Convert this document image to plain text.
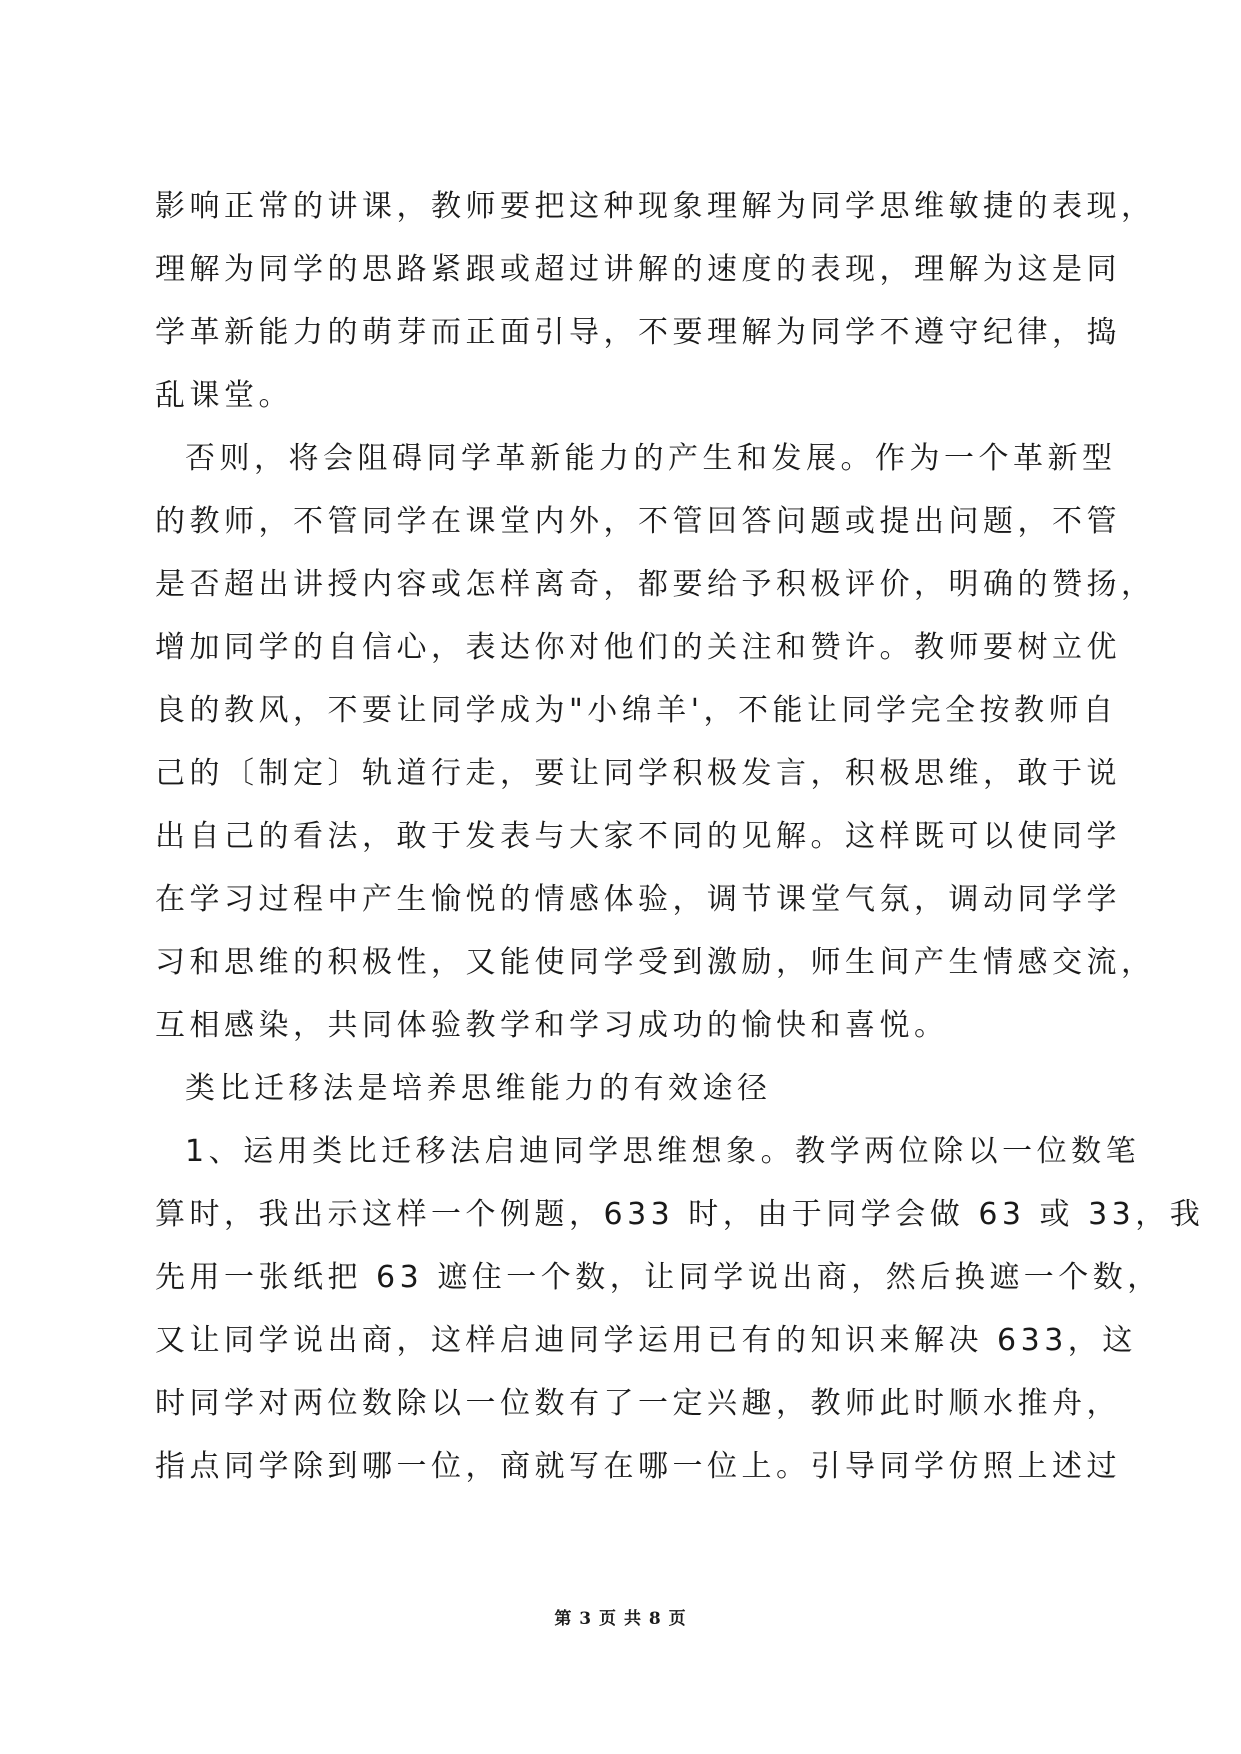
影响正常的讲课，教师要把这种现象理解为同学思维敏捷的表现，
理解为同学的思路紧跟或超过讲解的速度的表现，理解为这是同
学革新能力的萌芽而正面引导，不要理解为同学不遵守纪律，捣
乱课堂。
否则，将会阻碍同学革新能力的产生和发展。作为一个革新型
的教师，不管同学在课堂内外，不管回答问题或提出问题，不管
是否超出讲授内容或怎样离奇，都要给予积极评价，明确的赞扬，
增加同学的自信心，表达你对他们的关注和赞许。教师要树立优
良的教风，不要让同学成为"小绵羊'，不能让同学完全按教师自
己的〔制定〕轨道行走，要让同学积极发言，积极思维，敢于说
出自己的看法，敢于发表与大家不同的见解。这样既可以使同学
在学习过程中产生愉悦的情感体验，调节课堂气氛，调动同学学
习和思维的积极性，又能使同学受到激励，师生间产生情感交流，
互相感染，共同体验教学和学习成功的愉快和喜悦。
类比迁移法是培养思维能力的有效途径
1、运用类比迁移法启迪同学思维想象。教学两位除以一位数笔
算时，我出示这样一个例题，633 时，由于同学会做 63 或 33，我
先用一张纸把 63 遮住一个数，让同学说出商，然后换遮一个数，
又让同学说出商，这样启迪同学运用已有的知识来解决 633，这
时同学对两位数除以一位数有了一定兴趣，教师此时顺水推舟，
指点同学除到哪一位，商就写在哪一位上。引导同学仿照上述过
第 3 页 共 8 页
